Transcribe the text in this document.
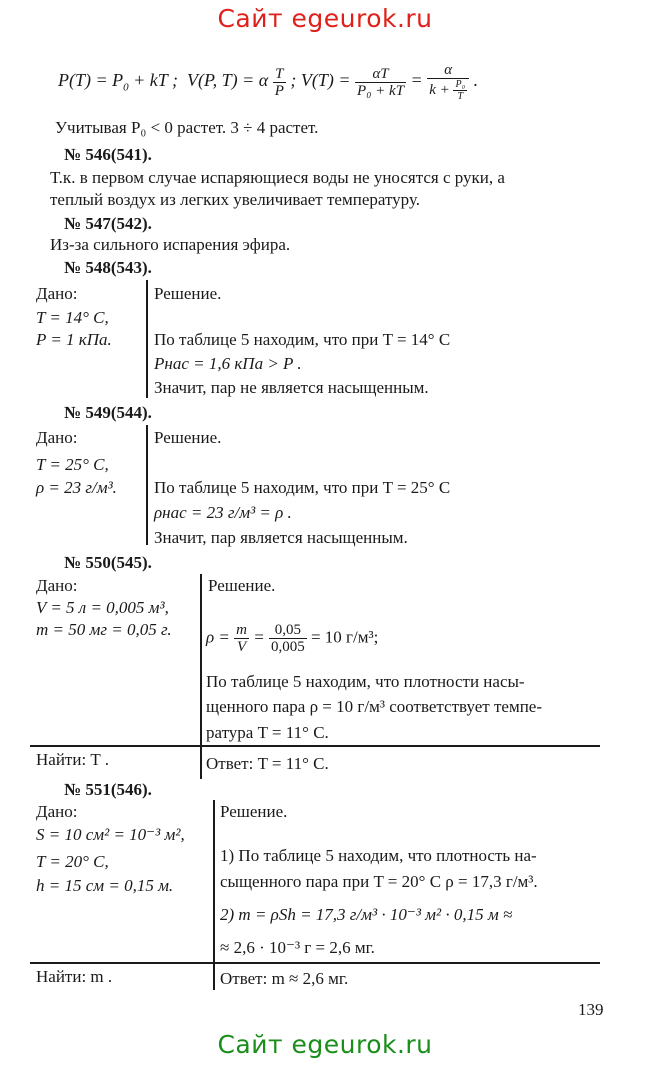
Сайт egeurok.ru
$P(T) = P_0$ + kT ; V(P, T) = α $\frac{T}{P}$ ; $V(T) = \frac{\alpha T}{\text{P₀ + kT}} = \frac{\alpha}{k + \frac{\text{P₀}}{T}}$ .
Учитывая P₀ < 0 растет. 3 ÷ 4 растет.
№ 546(541).
Т.к. в первом случае испаряющиеся воды не уносятся с руки, а
теплый воздух из легких увеличивает температуру.
№ 547(542).
Из-за сильного испарения эфира.
№ 548(543).
Дано:
T = 14° C,
P = 1 кПа.
Решение.
По таблице 5 находим, что при T = 14° C
Pнас = 1,6 кПа > P .
Значит, пар не является насыщенным.
№ 549(544).
Дано:
T = 25° C,
ρ = 23 г/м³.
Решение.
По таблице 5 находим, что при T = 25° C
ρнас = 23 г/м³ = ρ .
Значит, пар является насыщенным.
№ 550(545).
Дано:
V = 5 л = 0,005 м³,
m = 50 мг = 0,05 г.
Найти: T .
Решение.
$\rho = \frac{m}{V} = \frac{0,05}{0,005} = 10$ г/м³;
По таблице 5 находим, что плотности насы-
щенного пара ρ = 10 г/м³ соответствует темпе-
ратура T = 11° C.
Ответ: T = 11° C.
№ 551(546).
Дано:
S = 10 см² = 10⁻³ м²,
T = 20° C,
h = 15 см = 0,15 м.
Найти: m .
Решение.
1) По таблице 5 находим, что плотность на-
сыщенного пара при T = 20° C ρ = 17,3 г/м³.
2) m = ρSh = 17,3 г/м³ · 10⁻³ м² · 0,15 м ≈
≈ 2,6 · 10⁻³ г = 2,6 мг.
Ответ: m ≈ 2,6 мг.
139
Сайт egeurok.ru
